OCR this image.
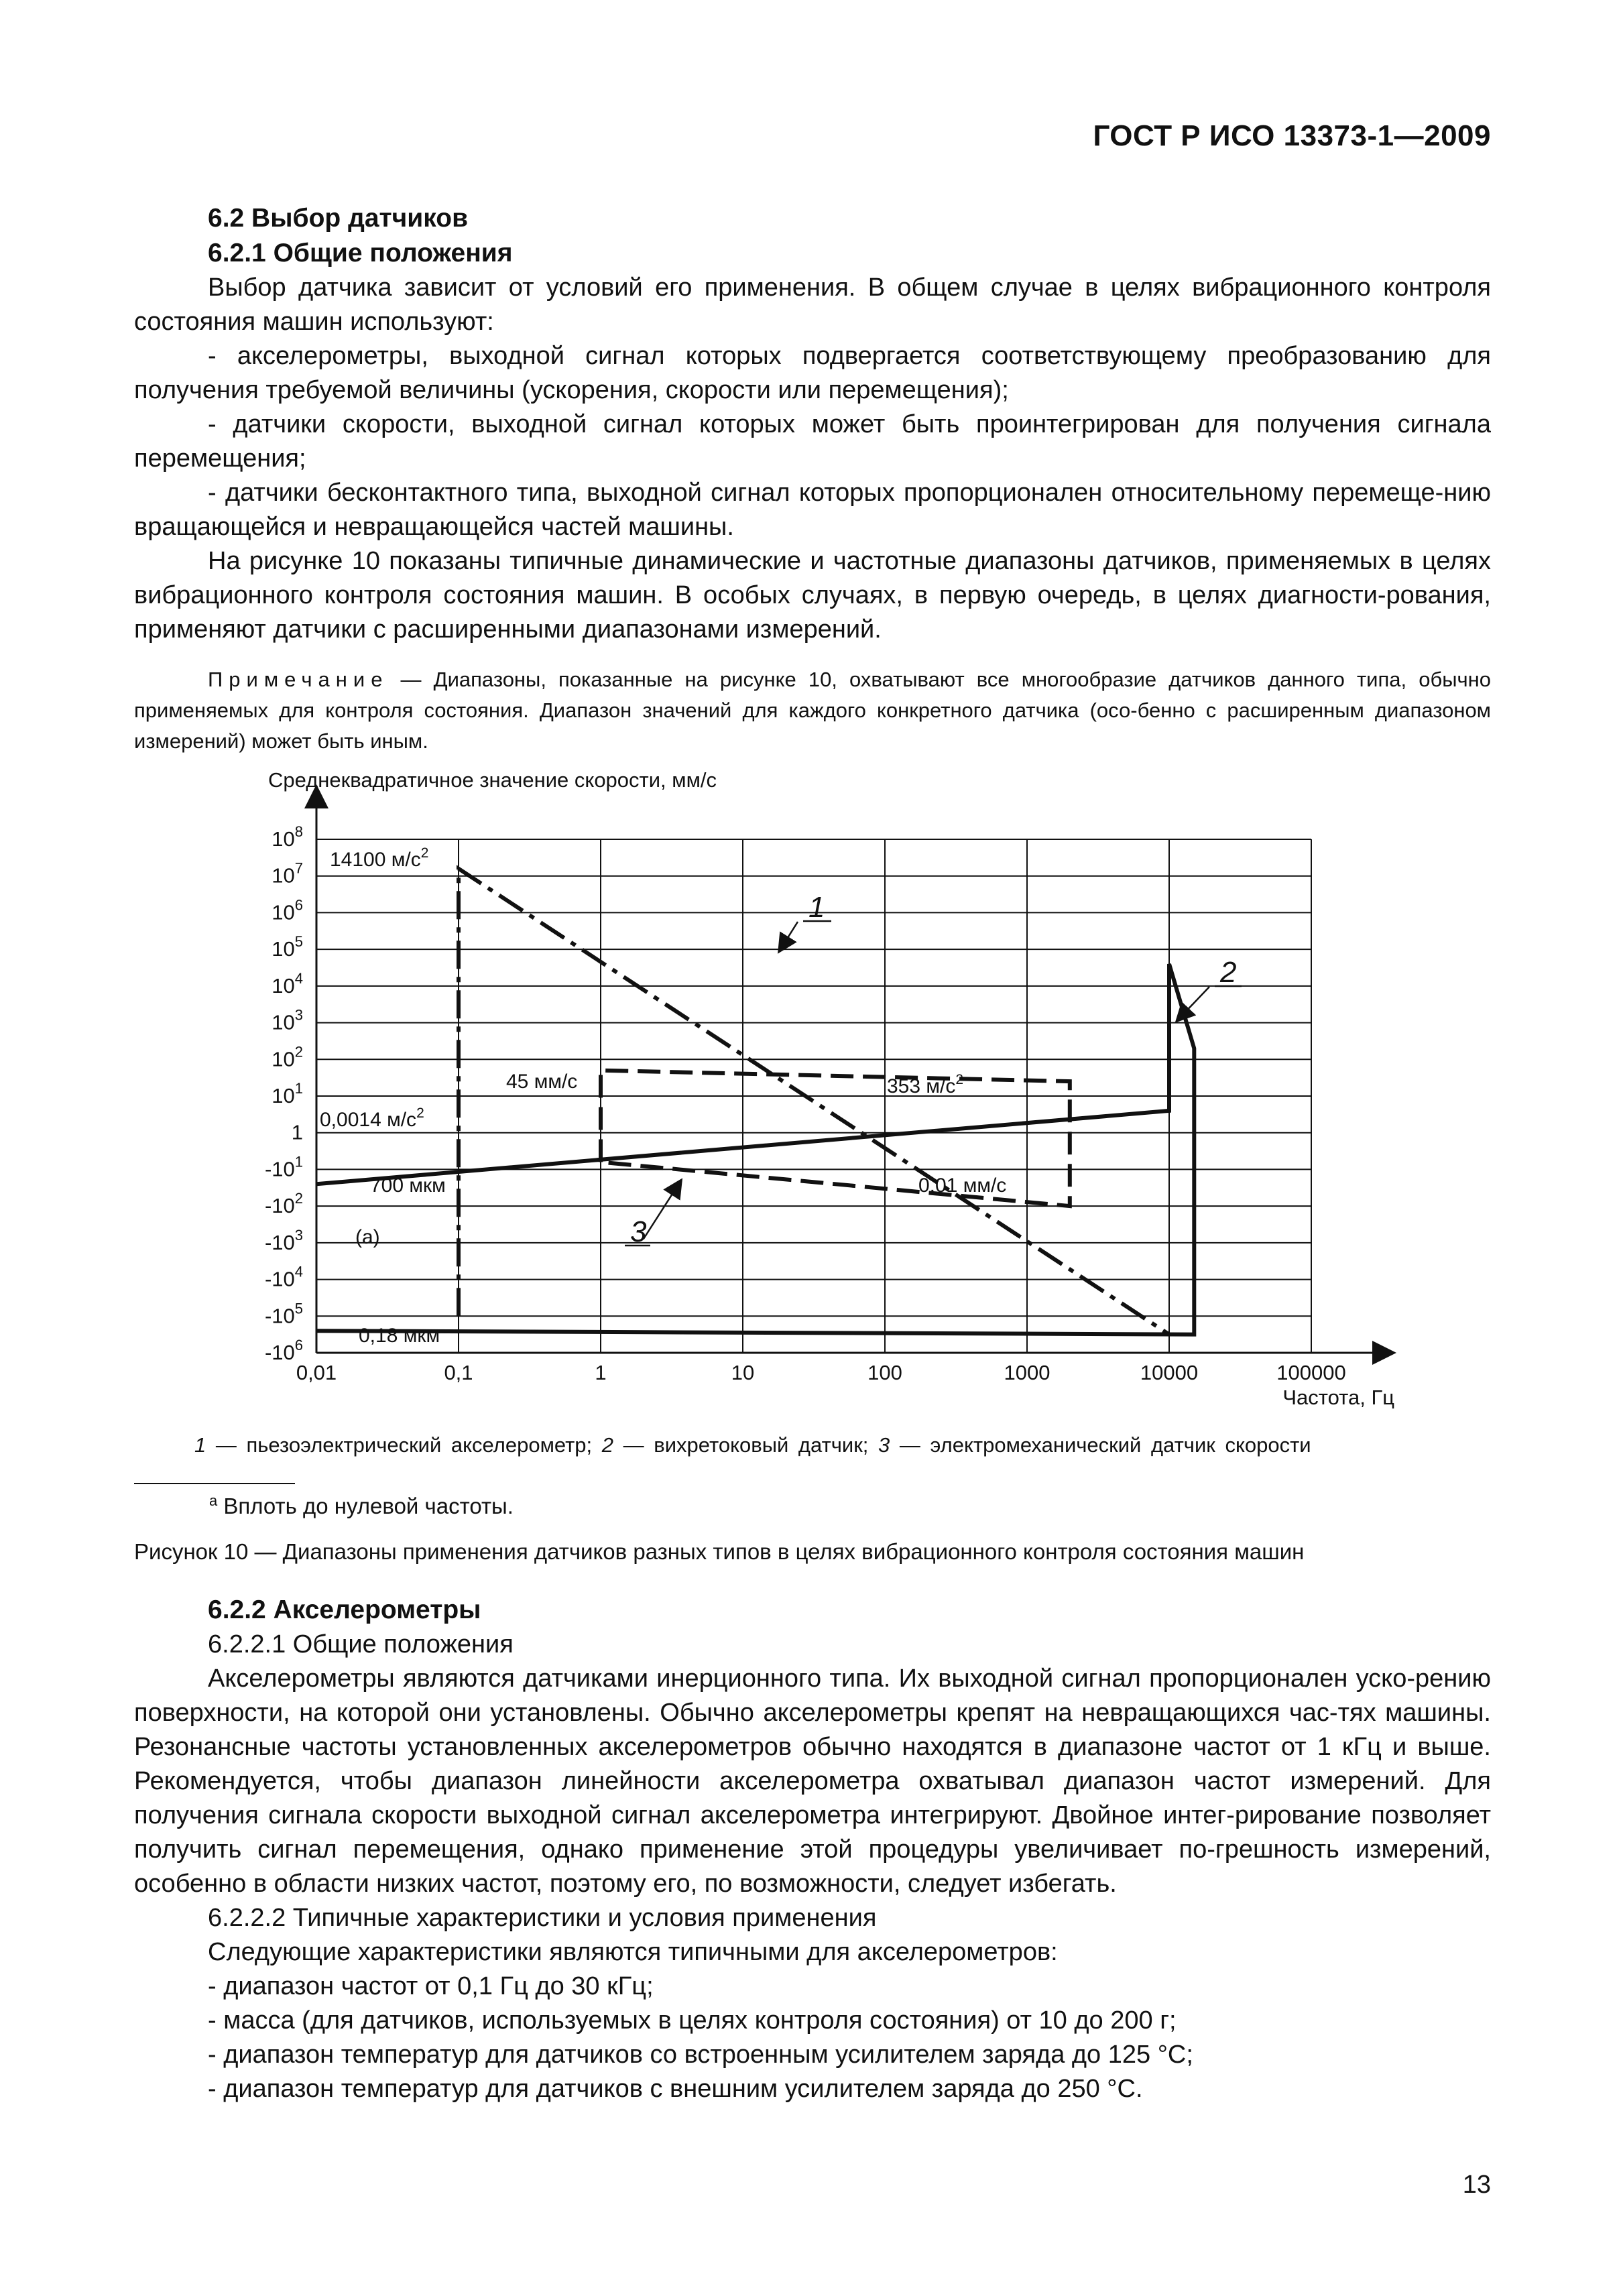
ГОСТ Р ИСО 13373-1—2009
6.2 Выбор датчиков
6.2.1 Общие положения

Выбор датчика зависит от условий его применения. В общем случае в целях вибрационного контроля состояния машин используют:

- акселерометры, выходной сигнал которых подвергается соответствующему преобразованию для получения требуемой величины (ускорения, скорости или перемещения);

- датчики скорости, выходной сигнал которых может быть проинтегрирован для получения сигнала перемещения;

- датчики бесконтактного типа, выходной сигнал которых пропорционален относительному перемеще-нию вращающейся и невращающейся частей машины.

На рисунке 10 показаны типичные динамические и частотные диапазоны датчиков, применяемых в целях вибрационного контроля состояния машин. В особых случаях, в первую очередь, в целях диагности-рования, применяют датчики с расширенными диапазонами измерений.

Примечание — Диапазоны, показанные на рисунке 10, охватывают все многообразие датчиков данного типа, обычно применяемых для контроля состояния. Диапазон значений для каждого конкретного датчика (осо-бенно с расширенным диапазоном измерений) может быть иным.
Среднеквадратичное значение скорости, мм/с
Частота, Гц
0,01	0,1	1	10	100	1000	10000	100000
$-10^6$
$-10^5$
$-10^4$
$-10^3$
$-10^2$
$-10^1$
1
$10^1$
$10^2$
$10^3$
$10^4$
$10^5$
$10^6$
$10^7$
$10^8$
14100 $м/с^2$
45 мм/с	353 $м/с^2$
0,0014 $м/с^2$
700 мкм	0,01 мм/с
(а)
0,18 мкм
1
2
3
1 — пьезоэлектрический акселерометр; 2 — вихретоковый датчик; 3 — электромеханический датчик скорости
$^а$ Вплоть до нулевой частоты.
Рисунок 10 — Диапазоны применения датчиков разных типов в целях вибрационного контроля состояния машин
6.2.2 Акселерометры
6.2.2.1 Общие положения

Акселерометры являются датчиками инерционного типа. Их выходной сигнал пропорционален уско-рению поверхности, на которой они установлены. Обычно акселерометры крепят на невращающихся час-тях машины. Резонансные частоты установленных акселерометров обычно находятся в диапазоне частот от 1 кГц и выше. Рекомендуется, чтобы диапазон линейности акселерометра охватывал диапазон частот измерений. Для получения сигнала скорости выходной сигнал акселерометра интегрируют. Двойное интег-рирование позволяет получить сигнал перемещения, однако применение этой процедуры увеличивает по-грешность измерений, особенно в области низких частот, поэтому его, по возможности, следует избегать.

6.2.2.2 Типичные характеристики и условия применения
Следующие характеристики являются типичными для акселерометров:
- диапазон частот от 0,1 Гц до 30 кГц;
- масса (для датчиков, используемых в целях контроля состояния) от 10 до 200 г;
- диапазон температур для датчиков со встроенным усилителем заряда до 125 °С;
- диапазон температур для датчиков с внешним усилителем заряда до 250 °С.
13
